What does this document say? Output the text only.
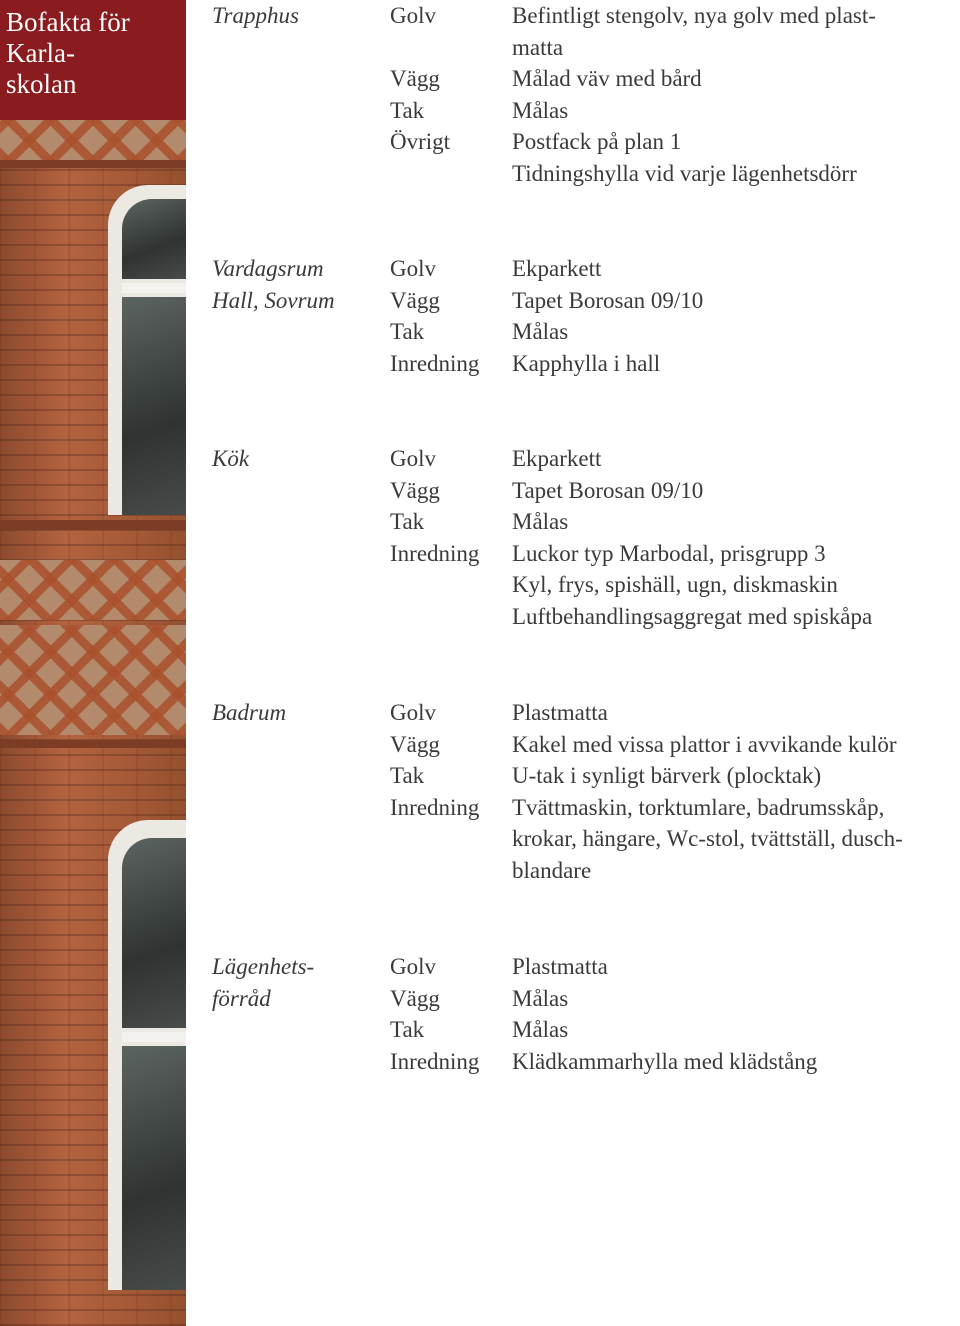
Bofakta för
Karla-
skolan
Trapphus	Golv	Befintligt stengolv, nya golv med plast-
matta
Vägg	Målad väv med bård
Tak	Målas
Övrigt	Postfack på plan 1
Tidningshylla vid varje lägenhetsdörr
Vardagsrum
Hall, Sovrum
Golv	Ekparkett
Vägg	Tapet Borosan 09/10
Tak	Målas
Inredning	Kapphylla i hall
Kök	Golv	Ekparkett
Vägg	Tapet Borosan 09/10
Tak	Målas
Inredning	Luckor typ Marbodal, prisgrupp 3
Kyl, frys, spishäll, ugn, diskmaskin
Luftbehandlingsaggregat med spiskåpa
Badrum	Golv	Plastmatta
Vägg	Kakel med vissa plattor i avvikande kulör
Tak	U-tak i synligt bärverk (plocktak)
Inredning	Tvättmaskin, torktumlare, badrumsskåp,
krokar, hängare, Wc-stol, tvättställ, dusch-
blandare
Lägenhets-
förråd
Golv	Plastmatta
Vägg	Målas
Tak	Målas
Inredning	Klädkammarhylla med klädstång
